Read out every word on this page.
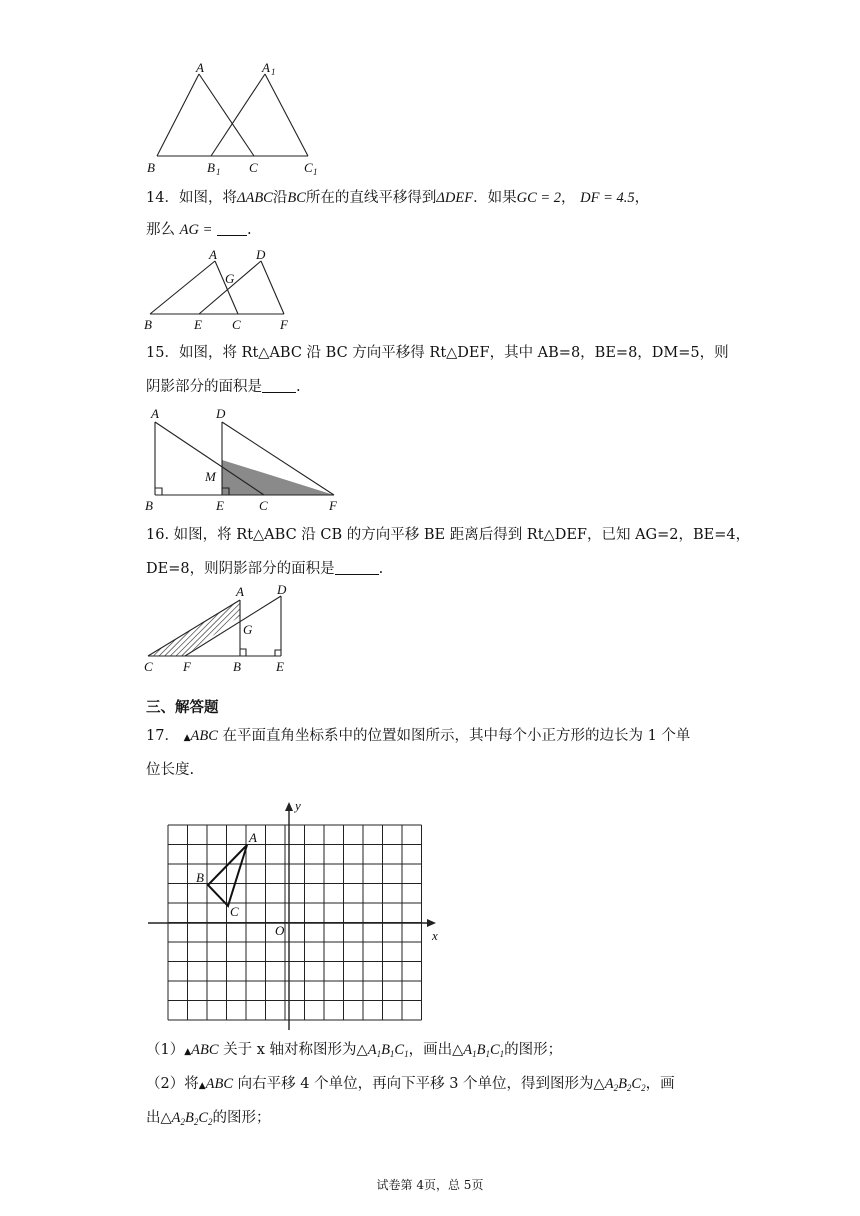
A	A 1
B	B 1 C	C 1
14．如图，将ΔABC沿BC所在的直线平移得到ΔDEF．如果GC = 2， DF = 4.5，
那么 AG = .
A	D
G
B	E C	F
15．如图，将 Rt△ABC 沿 BC 方向平移得 Rt△DEF，其中 AB=8，BE=8，DM=5，则
阴影部分的面积是 .
A	D
M
B	E	C	F
16. 如图，将 Rt△ABC 沿 CB 的方向平移 BE 距离后得到 Rt△DEF，已知 AG=2，BE=4，
DE=8，则阴影部分的面积是	.
A	D
G
C F	B	E
三、解答题
17． ▲ABC 在平面直角坐标系中的位置如图所示，其中每个小正方形的边长为 1 个单
位长度.
y
x
O
A
B
C
（1）▲ABC 关于 x 轴对称图形为$\triangle A_1B_1C_1$，画出$\triangle A_1B_1C_1$的图形；
（2）将▲ABC 向右平移 4 个单位，再向下平移 3 个单位，得到图形为$\triangle A_2B_2C_2$，画
出$\triangle A_2B_2C_2$的图形；
试卷第 4页，总 5页
